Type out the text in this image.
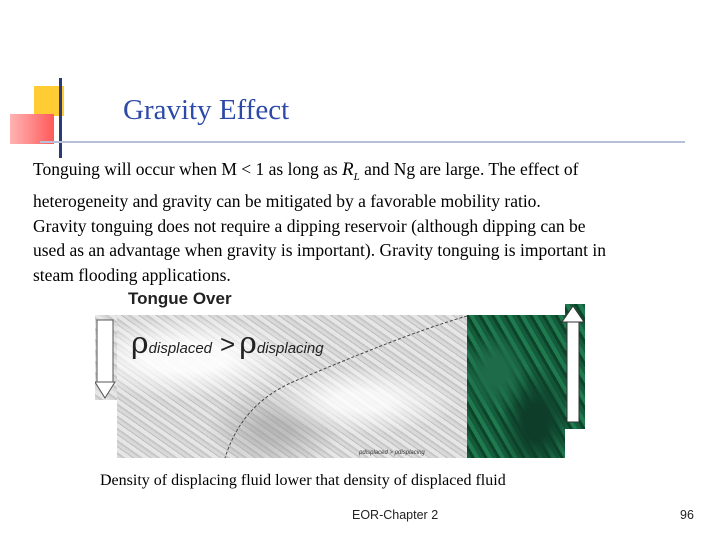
Gravity Effect

Tonguing will occur when M < 1 as long as $R_L$ and Ng are large. The effect of

heterogeneity and gravity can be mitigated by a favorable mobility ratio.

Gravity tonguing does not require a dipping reservoir (although dipping can be

used as an advantage when gravity is important). Gravity tonguing is important in

steam flooding applications.

Tongue Over
ρdisplaced > ρdisplacing
ρdisplaced > ρdisplacing

Density of displacing fluid lower that density of displaced fluid

EOR-Chapter 2	96
